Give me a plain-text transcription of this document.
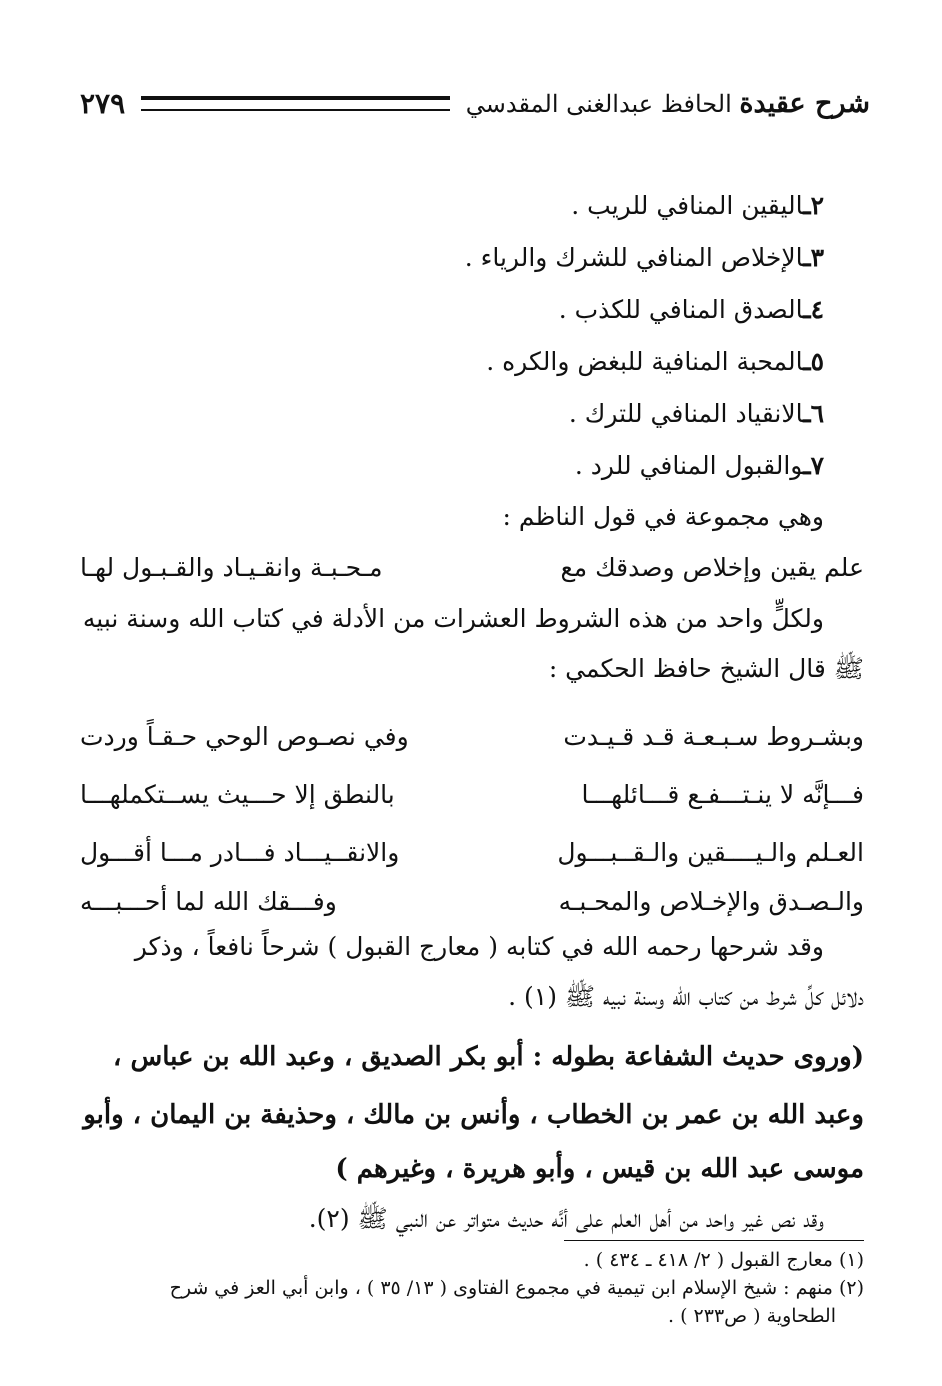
شرح عقيدة الحافظ عبدالغنى المقدسي
٢٧٩
٢ـاليقين المنافي للريب .
٣ـالإخلاص المنافي للشرك والرياء .
٤ـالصدق المنافي للكذب .
٥ـالمحبة المنافية للبغض والكره .
٦ـالانقياد المنافي للترك .
٧ـوالقبول المنافي للرد .
وهي مجموعة في قول الناظم :
علم يقين وإخلاص وصدقك مع
مـحـبـة وانقـيـاد والقـبـول لهـا
ولكلٍّ واحد من هذه الشروط العشرات من الأدلة في كتاب الله وسنة نبيه
ﷺ قال الشيخ حافظ الحكمي :
وبشـروط سـبـعـة قـد قـيـدت
وفي نصـوص الوحي حـقـاً وردت
فـــإنَّه لا ينـتـــفـع قـــائلهـــا
بالنطق إلا حـــيث يســتكملهـــا
العـلم والـيــــقين والـقــبـــول
والانقــيـــاد فـــادر مـــا أقـــول
والـصـدق والإخـلاص والمحـبـه
وفـــقك الله لما أحـــبـــه
وقد شرحها رحمه الله في كتابه ( معارج القبول ) شرحاً نافعاً ، وذكر
دلائل كلِّ شرط من كتاب الله وسنة نبيه ﷺ (١) .
(وروى حديث الشفاعة بطوله : أبو بكر الصديق ، وعبد الله بن عباس ،
وعبد الله بن عمر بن الخطاب ، وأنس بن مالك ، وحذيفة بن اليمان ، وأبو
موسى عبد الله بن قيس ، وأبو هريرة ، وغيرهم )
وقد نص غير واحد من أهل العلم على أنَّه حديث متواتر عن النبي ﷺ (٢).
(١) معارج القبول ( ٢/ ٤١٨ ـ ٤٣٤ ) .
(٢) منهم : شيخ الإسلام ابن تيمية في مجموع الفتاوى ( ١٣/ ٣٥ ) ، وابن أبي العز في شرح
الطحاوية ( ص٢٣٣ ) .
